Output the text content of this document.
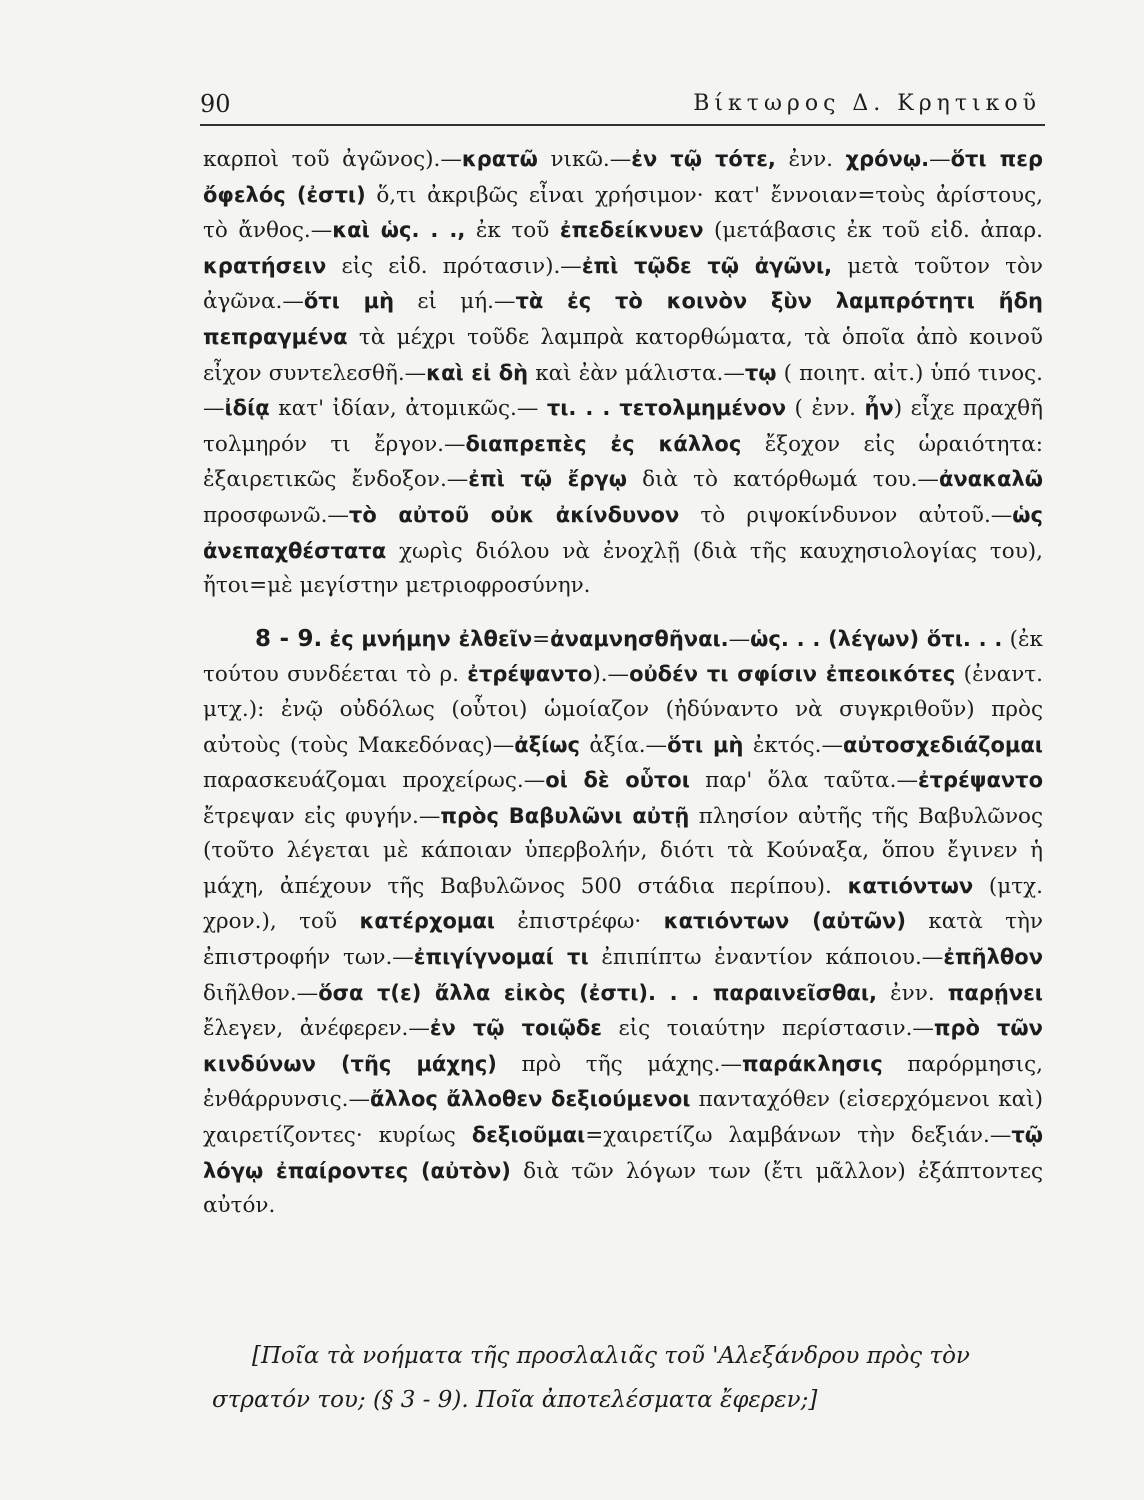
90	Βίκτωρος Δ. Κρητικοῦ

καρποὶ τοῦ ἀγῶνος).—κρατῶ νικῶ.—ἐν τῷ τότε, ἐνν. χρόνῳ.—ὅτι περ ὄφελός (ἐστι) ὅ,τι ἀκριβῶς εἶναι χρήσιμον· κατ' ἔννοιαν=τοὺς ἀρίστους, τὸ ἄνθος.—καὶ ὡς. . ., ἐκ τοῦ ἐπεδείκνυεν (μετάβασις ἐκ τοῦ εἰδ. ἀπαρ. κρατήσειν εἰς εἰδ. πρότασιν).—ἐπὶ τῷδε τῷ ἀγῶνι, μετὰ τοῦτον τὸν ἀγῶνα.—ὅτι μὴ εἰ μή.—τὰ ἐς τὸ κοινὸν ξὺν λαμπρότητι ἤδη πεπραγμένα τὰ μέχρι τοῦδε λαμπρὰ κατορθώματα, τὰ ὁποῖα ἀπὸ κοινοῦ εἶχον συντελεσθῆ.—καὶ εἰ δὴ καὶ ἐὰν μάλιστα.—τῳ ( ποιητ. αἰτ.) ὑπό τινος.—ἰδίᾳ κατ' ἰδίαν, ἀτομικῶς.— τι. . . τετολμημένον ( ἐνν. ἦν) εἶχε πραχθῆ τολμηρόν τι ἔργον.—διαπρεπὲς ἐς κάλλος ἔξοχον εἰς ὡραιότητα: ἐξαιρετικῶς ἔνδοξον.—ἐπὶ τῷ ἔργῳ διὰ τὸ κατόρθωμά του.—ἀνακαλῶ προσφωνῶ.—τὸ αὐτοῦ οὐκ ἀκίνδυνον τὸ ριψοκίνδυνον αὐτοῦ.—ὡς ἀνεπαχθέστατα χωρὶς διόλου νὰ ἐνοχλῇ (διὰ τῆς καυχησιολογίας του), ἤτοι=μὲ μεγίστην μετριοφροσύνην.

8 - 9. ἐς μνήμην ἐλθεῖν=ἀναμνησθῆναι.—ὡς. . . (λέγων) ὅτι. . . (ἐκ τούτου συνδέεται τὸ ρ. ἐτρέψαντο).—οὐδέν τι σφίσιν ἐπεοικότες (ἐναντ. μτχ.): ἐνῷ οὐδόλως (οὗτοι) ὡμοίαζον (ἠδύναντο νὰ συγκριθοῦν) πρὸς αὐτοὺς (τοὺς Μακεδόνας)—ἀξίως ἀξία.—ὅτι μὴ ἐκτός.—αὐτοσχεδιάζομαι παρασκευάζομαι προχείρως.—οἱ δὲ οὗτοι παρ' ὅλα ταῦτα.—ἐτρέψαντο ἔτρεψαν εἰς φυγήν.—πρὸς Βαβυλῶνι αὐτῇ πλησίον αὐτῆς τῆς Βαβυλῶνος (τοῦτο λέγεται μὲ κάποιαν ὑπερβολήν, διότι τὰ Κούναξα, ὅπου ἔγινεν ἡ μάχη, ἀπέχουν τῆς Βαβυλῶνος 500 στάδια περίπου). κατιόντων (μτχ. χρον.), τοῦ κατέρχομαι ἐπιστρέφω· κατιόντων (αὐτῶν) κατὰ τὴν ἐπιστροφήν των.—ἐπιγίγνομαί τι ἐπιπίπτω ἐναντίον κάποιου.—ἐπῆλθον διῆλθον.—ὅσα τ(ε) ἄλλα εἰκὸς (ἐστι). . . παραινεῖσθαι, ἐνν. παρῄνει ἔλεγεν, ἀνέφερεν.—ἐν τῷ τοιῷδε εἰς τοιαύτην περίστασιν.—πρὸ τῶν κινδύνων (τῆς μάχης) πρὸ τῆς μάχης.—παράκλησις παρόρμησις, ἐνθάρρυνσις.—ἄλλος ἄλλοθεν δεξιούμενοι πανταχόθεν (εἰσερχόμενοι καὶ) χαιρετίζοντες· κυρίως δεξιοῦμαι=χαιρετίζω λαμβάνων τὴν δεξιάν.—τῷ λόγῳ ἐπαίροντες (αὐτὸν) διὰ τῶν λόγων των (ἔτι μᾶλλον) ἐξάπτοντες αὐτόν.

[Ποῖα τὰ νοήματα τῆς προσλαλιᾶς τοῦ 'Αλεξάνδρου πρὸς τὸν στρατόν του; (§ 3 - 9). Ποῖα ἀποτελέσματα ἔφερεν;]
